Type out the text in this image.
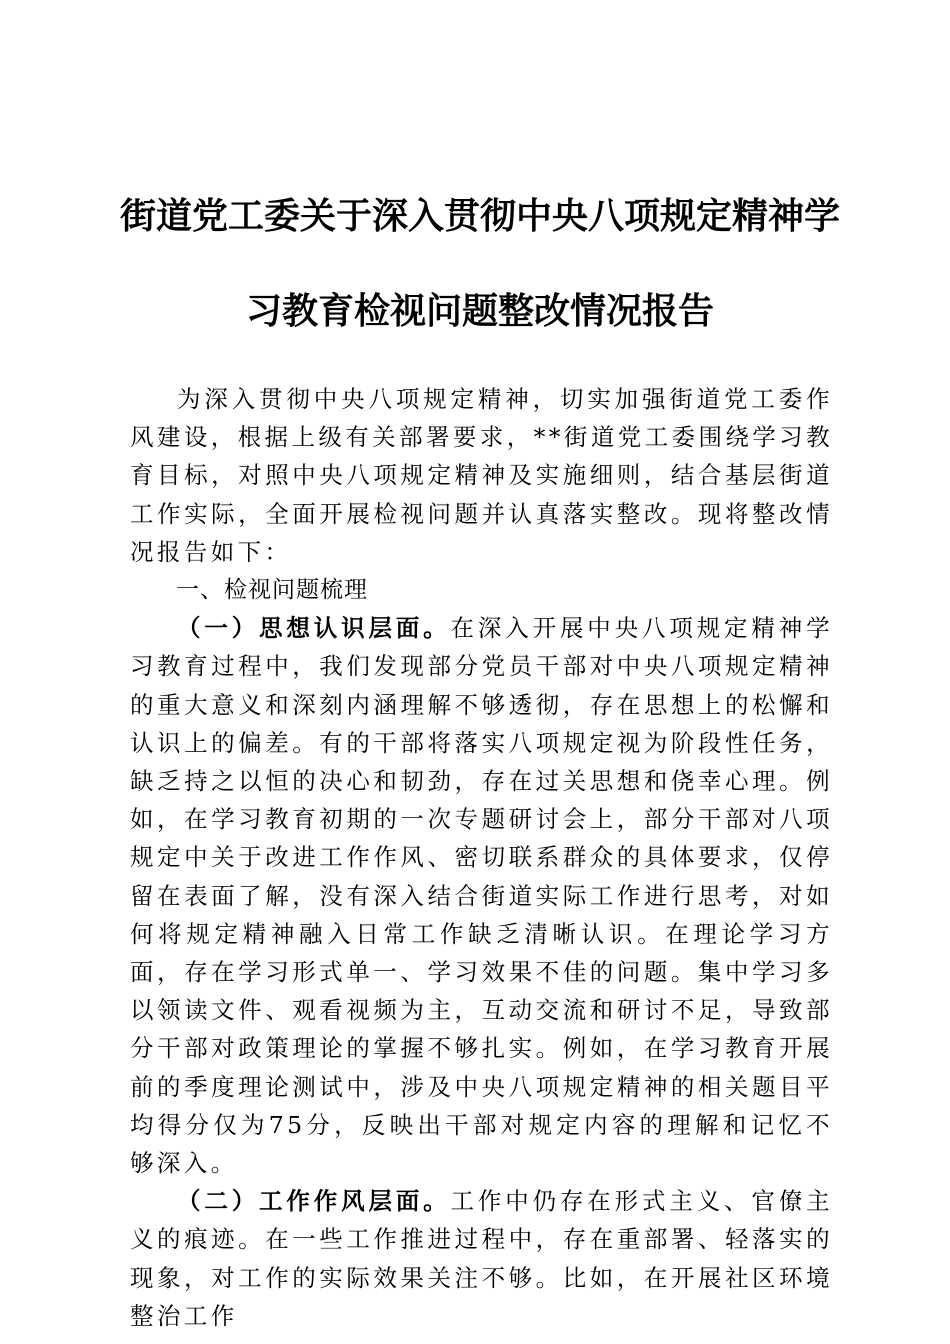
街道党工委关于深入贯彻中央八项规定精神学
习教育检视问题整改情况报告

为深入贯彻中央八项规定精神，切实加强街道党工委作风建设，根据上级有关部署要求，**街道党工委围绕学习教育目标，对照中央八项规定精神及实施细则，结合基层街道工作实际，全面开展检视问题并认真落实整改。现将整改情况报告如下：

一、检视问题梳理

（一）思想认识层面。在深入开展中央八项规定精神学习教育过程中，我们发现部分党员干部对中央八项规定精神的重大意义和深刻内涵理解不够透彻，存在思想上的松懈和认识上的偏差。有的干部将落实八项规定视为阶段性任务，缺乏持之以恒的决心和韧劲，存在过关思想和侥幸心理。例如，在学习教育初期的一次专题研讨会上，部分干部对八项规定中关于改进工作作风、密切联系群众的具体要求，仅停留在表面了解，没有深入结合街道实际工作进行思考，对如何将规定精神融入日常工作缺乏清晰认识。在理论学习方面，存在学习形式单一、学习效果不佳的问题。集中学习多以领读文件、观看视频为主，互动交流和研讨不足，导致部分干部对政策理论的掌握不够扎实。例如，在学习教育开展前的季度理论测试中，涉及中央八项规定精神的相关题目平均得分仅为75分，反映出干部对规定内容的理解和记忆不够深入。

（二）工作作风层面。工作中仍存在形式主义、官僚主义的痕迹。在一些工作推进过程中，存在重部署、轻落实的现象，对工作的实际效果关注不够。比如，在开展社区环境整治工作
